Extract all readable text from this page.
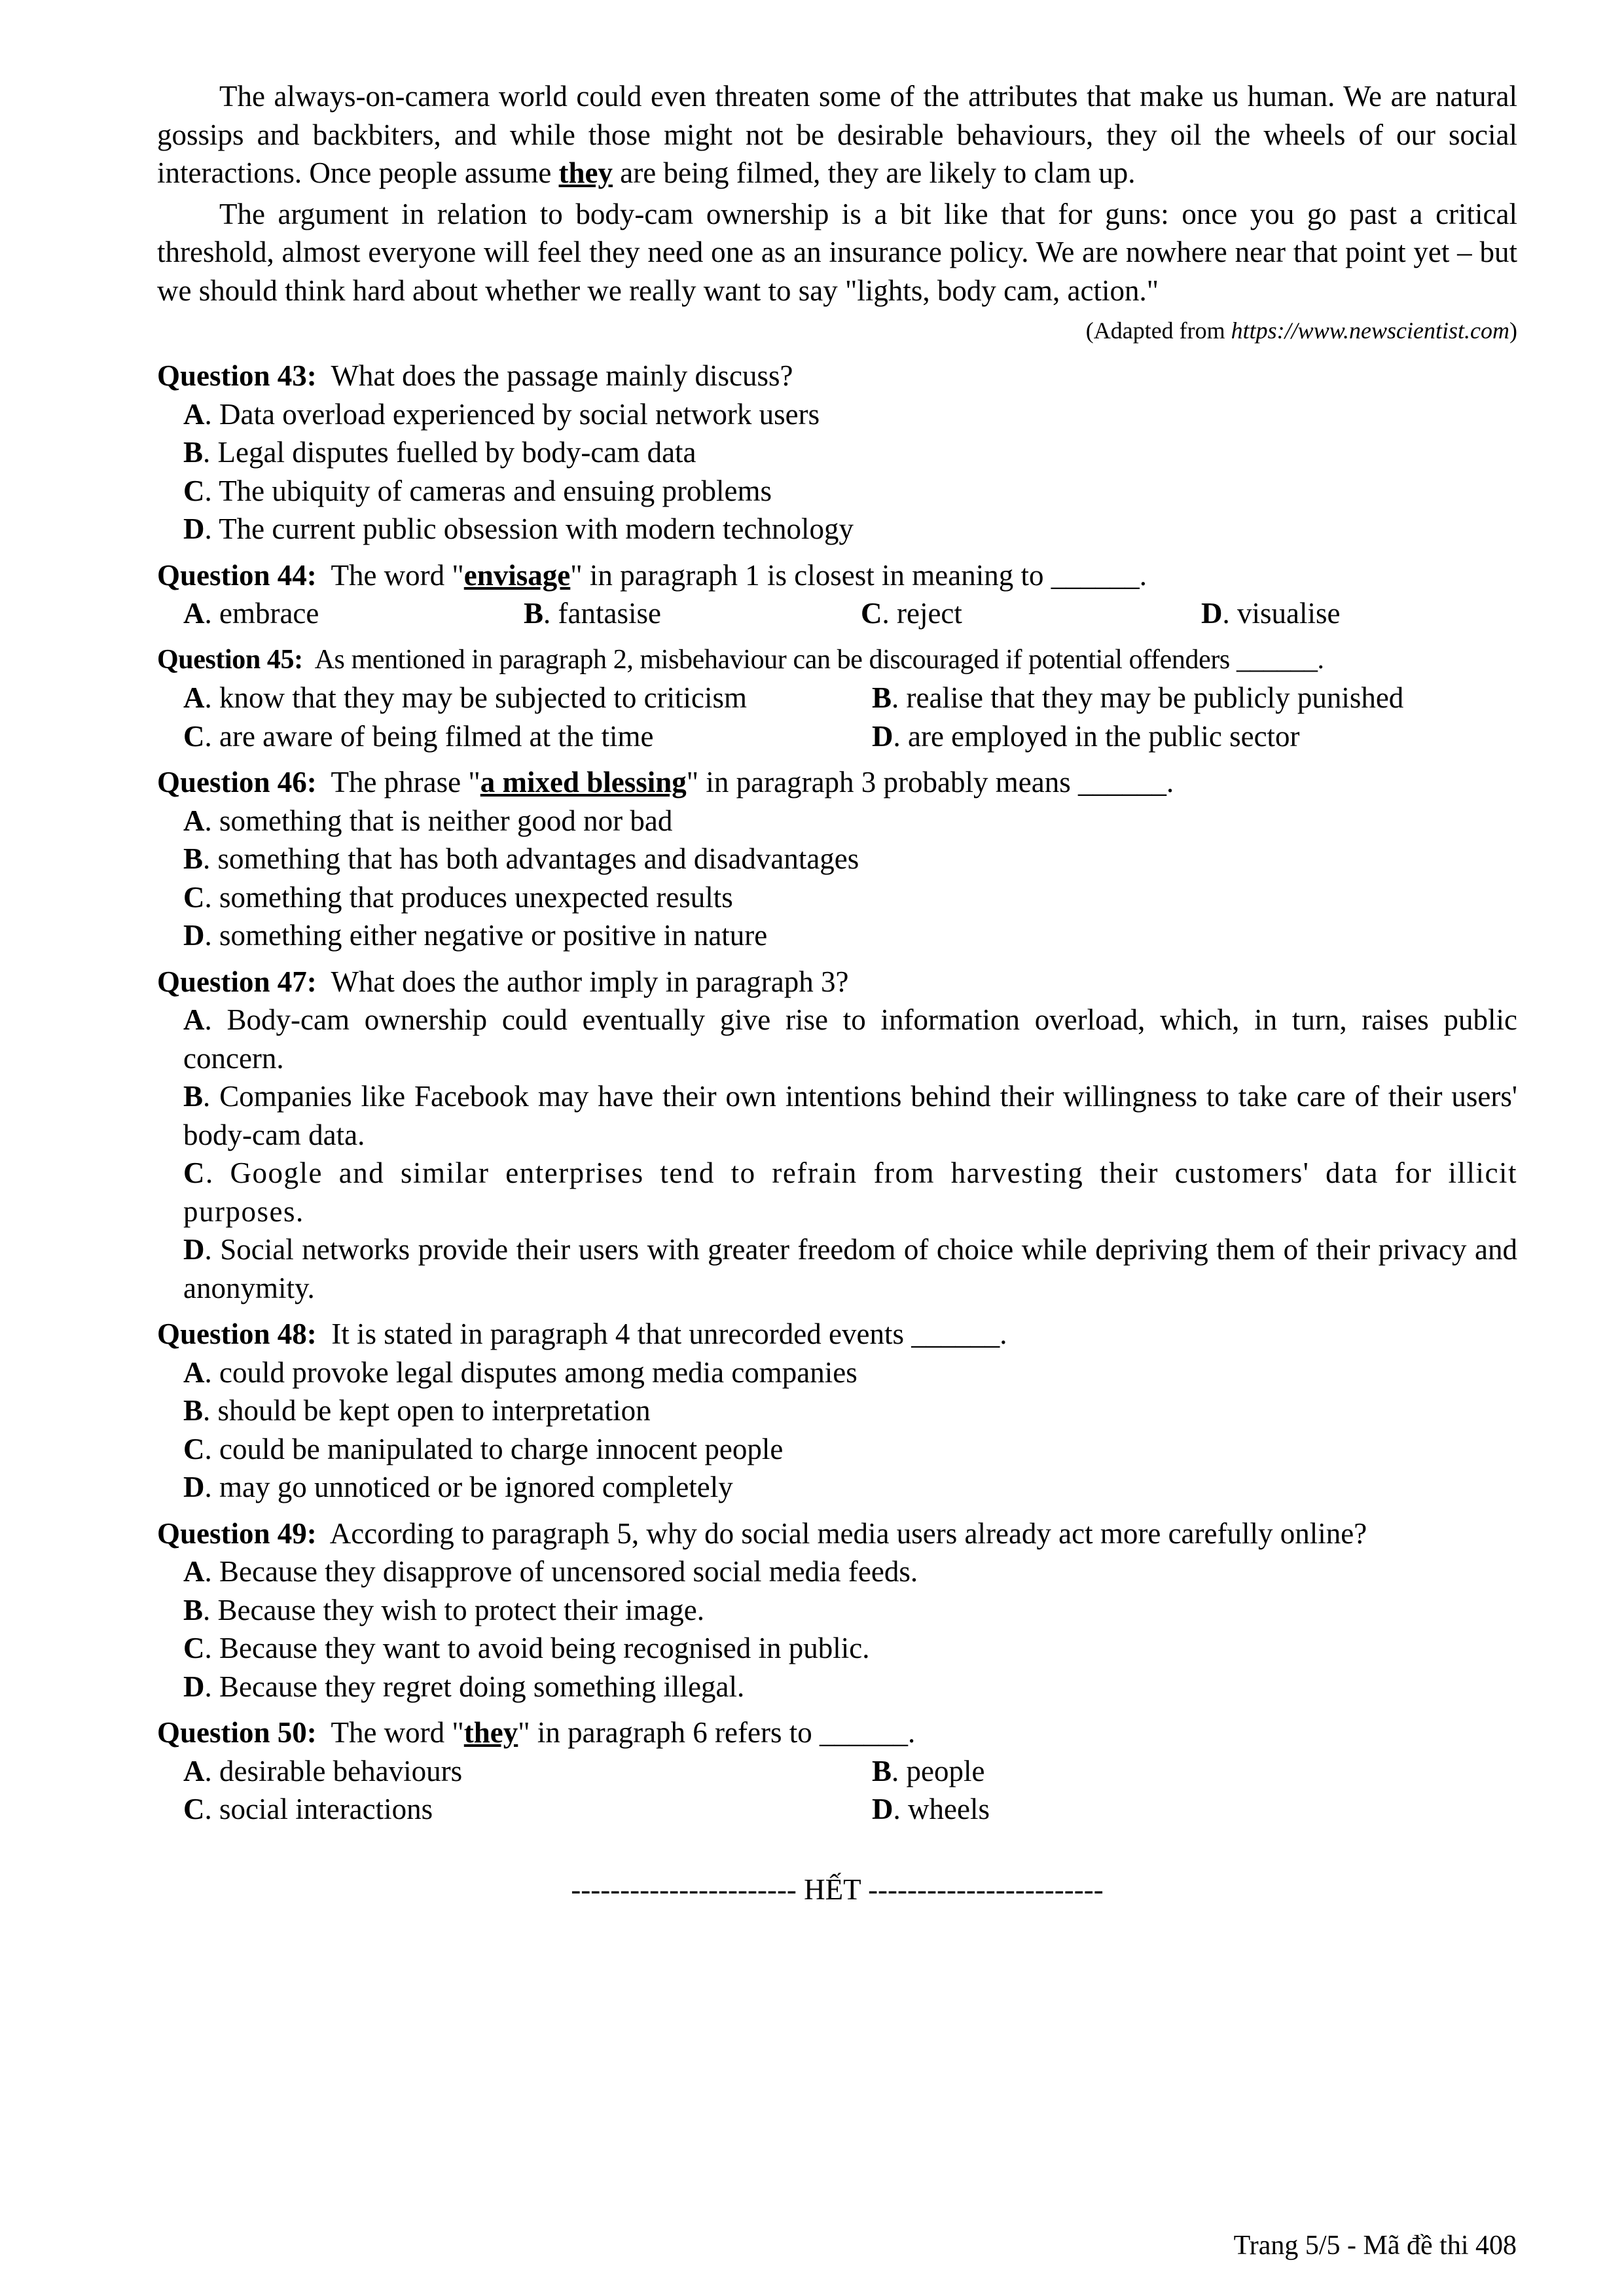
The always-on-camera world could even threaten some of the attributes that make us human. We are natural gossips and backbiters, and while those might not be desirable behaviours, they oil the wheels of our social interactions. Once people assume they are being filmed, they are likely to clam up.

The argument in relation to body-cam ownership is a bit like that for guns: once you go past a critical threshold, almost everyone will feel they need one as an insurance policy. We are nowhere near that point yet – but we should think hard about whether we really want to say "lights, body cam, action."

(Adapted from https://www.newscientist.com)

Question 43: What does the passage mainly discuss?

A. Data overload experienced by social network users

B. Legal disputes fuelled by body-cam data

C. The ubiquity of cameras and ensuing problems

D. The current public obsession with modern technology

Question 44: The word "envisage" in paragraph 1 is closest in meaning to ______.

A. embrace	B. fantasise	C. reject	D. visualise

Question 45: As mentioned in paragraph 2, misbehaviour can be discouraged if potential offenders ______.

A. know that they may be subjected to criticism	B. realise that they may be publicly punished
C. are aware of being filmed at the time	D. are employed in the public sector

Question 46: The phrase "a mixed blessing" in paragraph 3 probably means ______.

A. something that is neither good nor bad

B. something that has both advantages and disadvantages

C. something that produces unexpected results

D. something either negative or positive in nature

Question 47: What does the author imply in paragraph 3?

A. Body-cam ownership could eventually give rise to information overload, which, in turn, raises public concern.

B. Companies like Facebook may have their own intentions behind their willingness to take care of their users' body-cam data.

C. Google and similar enterprises tend to refrain from harvesting their customers' data for illicit purposes.

D. Social networks provide their users with greater freedom of choice while depriving them of their privacy and anonymity.

Question 48: It is stated in paragraph 4 that unrecorded events ______.

A. could provoke legal disputes among media companies

B. should be kept open to interpretation

C. could be manipulated to charge innocent people

D. may go unnoticed or be ignored completely

Question 49: According to paragraph 5, why do social media users already act more carefully online?

A. Because they disapprove of uncensored social media feeds.

B. Because they wish to protect their image.

C. Because they want to avoid being recognised in public.

D. Because they regret doing something illegal.

Question 50: The word "they" in paragraph 6 refers to ______.

A. desirable behaviours	B. people
C. social interactions	D. wheels

----------------------- HẾT ------------------------

Trang 5/5 - Mã đề thi 408
